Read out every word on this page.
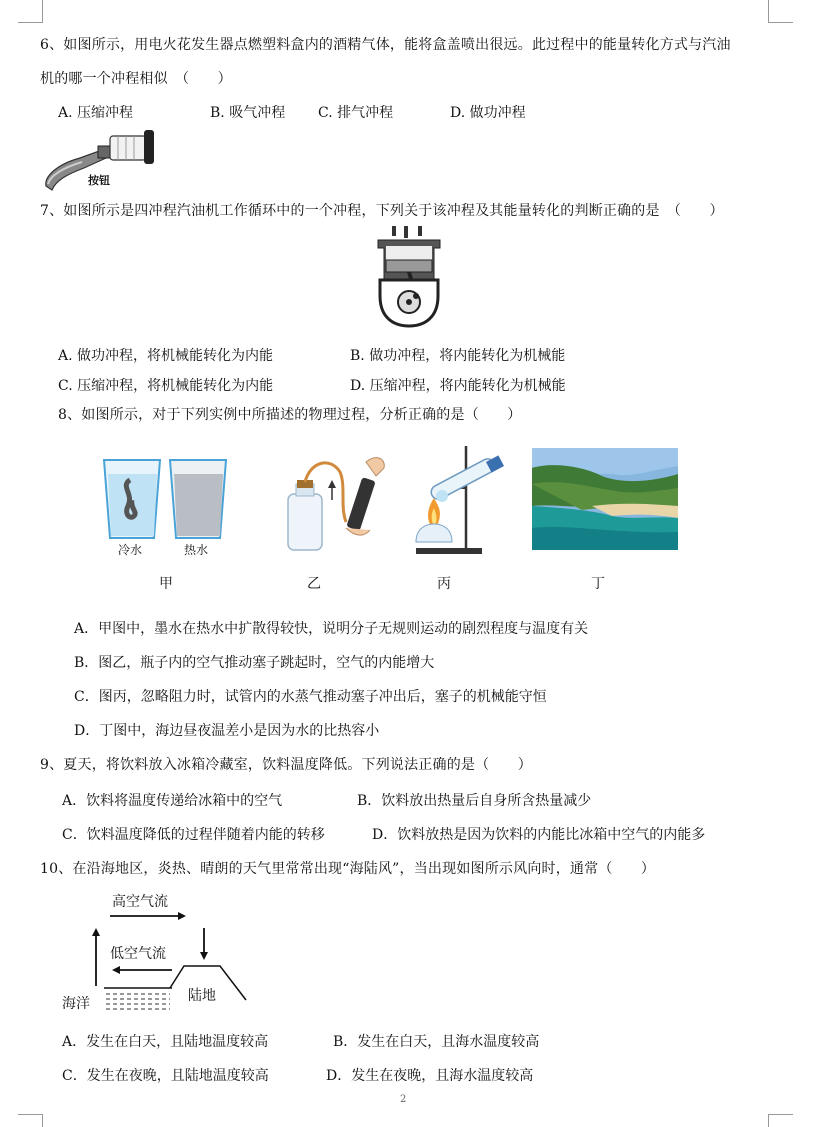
6、如图所示，用电火花发生器点燃塑料盒内的酒精气体，能将盒盖喷出很远。此过程中的能量转化方式与汽油
机的哪一个冲程相似　（　　）
A. 压缩冲程	B. 吸气冲程 C. 排气冲程	D. 做功冲程
按钮
7、如图所示是四冲程汽油机工作循环中的一个冲程，下列关于该冲程及其能量转化的判断正确的是　（　　）
A. 做功冲程，将机械能转化为内能	B. 做功冲程，将内能转化为机械能
C. 压缩冲程，将机械能转化为内能	D. 压缩冲程，将内能转化为机械能
8、如图所示，对于下列实例中所描述的物理过程，分析正确的是（　　）
冷水	热水
甲	乙	丙	丁
A．甲图中，墨水在热水中扩散得较快，说明分子无规则运动的剧烈程度与温度有关
B．图乙，瓶子内的空气推动塞子跳起时，空气的内能增大
C．图丙，忽略阻力时，试管内的水蒸气推动塞子冲出后，塞子的机械能守恒
D．丁图中，海边昼夜温差小是因为水的比热容小
9、夏天，将饮料放入冰箱冷藏室，饮料温度降低。下列说法正确的是（　　）
A．饮料将温度传递给冰箱中的空气	B．饮料放出热量后自身所含热量减少
C．饮料温度降低的过程伴随着内能的转移	D．饮料放热是因为饮料的内能比冰箱中空气的内能多
10、在沿海地区，炎热、晴朗的天气里常常出现“海陆风”，当出现如图所示风向时，通常（　　）
高空气流
低空气流
海洋	陆地
A．发生在白天，且陆地温度较高	B．发生在白天，且海水温度较高
C．发生在夜晚，且陆地温度较高	D．发生在夜晚，且海水温度较高
2
